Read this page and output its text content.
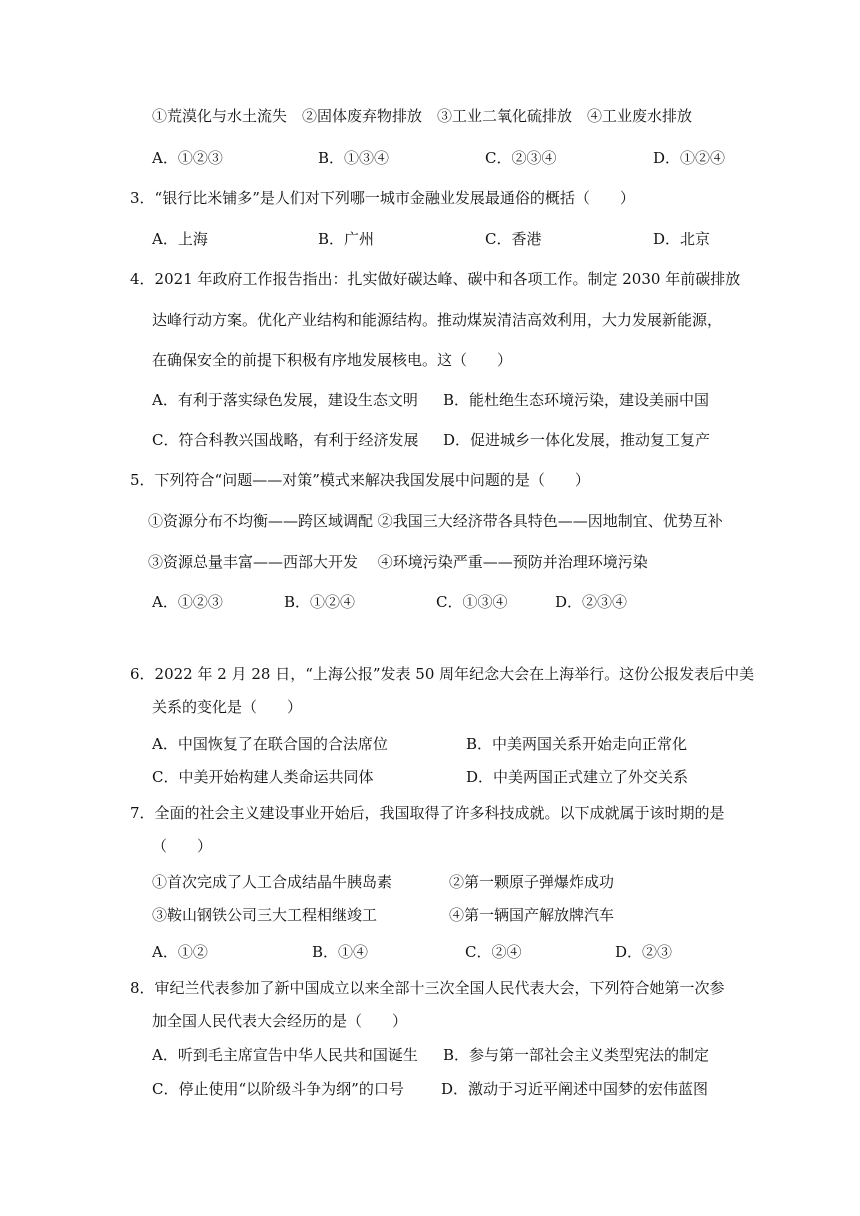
①荒漠化与水土流失　②固体废弃物排放　③工业二氧化硫排放　④工业废水排放
A．①②③	B．①③④	C．②③④	D．①②④
3．“银行比米铺多”是人们对下列哪一城市金融业发展最通俗的概括（　　）
A．上海	B．广州	C．香港	D．北京
4．2021 年政府工作报告指出：扎实做好碳达峰、碳中和各项工作。制定 2030 年前碳排放
达峰行动方案。优化产业结构和能源结构。推动煤炭清洁高效利用，大力发展新能源，
在确保安全的前提下积极有序地发展核电。这（　　）
A．有利于落实绿色发展，建设生态文明 B．能杜绝生态环境污染，建设美丽中国
C．符合科教兴国战略，有利于经济发展 D．促进城乡一体化发展，推动复工复产
5．下列符合“问题——对策”模式来解决我国发展中问题的是（　　）
①资源分布不均衡——跨区域调配 ②我国三大经济带各具特色——因地制宜、优势互补
③资源总量丰富——西部大开发　 ④环境污染严重——预防并治理环境污染
A．①②③	B．①②④	C．①③④	D．②③④
6．2022 年 2 月 28 日，“上海公报”发表 50 周年纪念大会在上海举行。这份公报发表后中美
关系的变化是（　　）
A．中国恢复了在联合国的合法席位	B．中美两国关系开始走向正常化
C．中美开始构建人类命运共同体	D．中美两国正式建立了外交关系
7．全面的社会主义建设事业开始后，我国取得了许多科技成就。以下成就属于该时期的是
（　　）
①首次完成了人工合成结晶牛胰岛素	②第一颗原子弹爆炸成功
③鞍山钢铁公司三大工程相继竣工	④第一辆国产解放牌汽车
A．①②	B．①④	C．②④	D．②③
8．审纪兰代表参加了新中国成立以来全部十三次全国人民代表大会，下列符合她第一次参
加全国人民代表大会经历的是（　　）
A．听到毛主席宣告中华人民共和国诞生 B．参与第一部社会主义类型宪法的制定
C．停止使用“以阶级斗争为纲”的口号 D．激动于习近平阐述中国梦的宏伟蓝图
